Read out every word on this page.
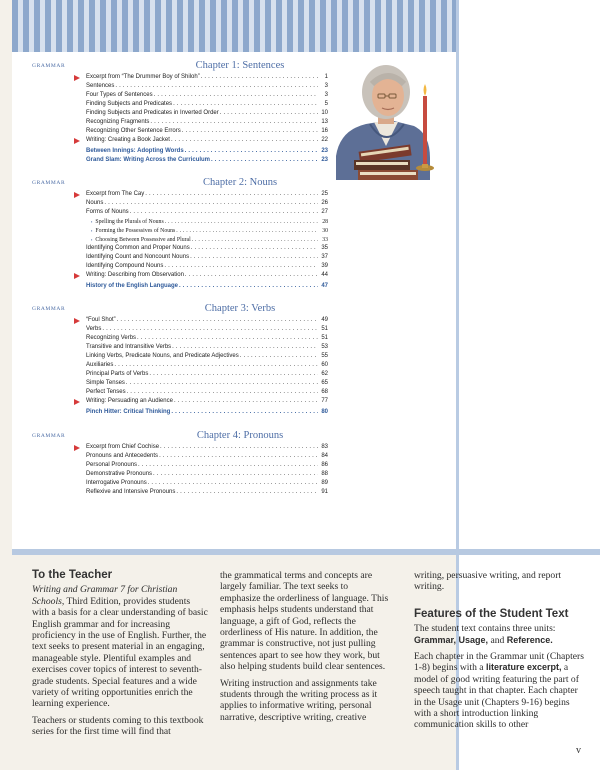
GRAMMAR	Chapter 1: Sentences
Excerpt from “The Drummer Boy of Shiloh” . . .	1
Sentences . . .	3
Four Types of Sentences . . .	3
Finding Subjects and Predicates . . .	5
Finding Subjects and Predicates in Inverted Order . . .	10
Recognizing Fragments . . .	13
Recognizing Other Sentence Errors . . .	16
Writing: Creating a Book Jacket . . .	22
Between Innings: Adopting Words . . .	23
Grand Slam: Writing Across the Curriculum . . .	23
GRAMMAR	Chapter 2: Nouns
Excerpt from The Cay . . .	25
Nouns . . .	26
Forms of Nouns . . .	27
▪ Spelling the Plurals of Nouns . . .	28
▪ Forming the Possessives of Nouns . . .	30
▪ Choosing Between Possessive and Plural . . .	33
Identifying Common and Proper Nouns . . .	35
Identifying Count and Noncount Nouns . . .	37
Identifying Compound Nouns . . .	39
Writing: Describing from Observation . . .	44
History of the English Language . . .	47
GRAMMAR	Chapter 3: Verbs
“Foul Shot” . . .	49
Verbs . . .	51
Recognizing Verbs . . .	51
Transitive and Intransitive Verbs . . .	53
Linking Verbs, Predicate Nouns, and Predicate Adjectives . . .	55
Auxiliaries . . .	60
Principal Parts of Verbs . . .	62
Simple Tenses . . .	65
Perfect Tenses . . .	68
Writing: Persuading an Audience . . .	77
Pinch Hitter: Critical Thinking . . .	80
GRAMMAR	Chapter 4: Pronouns
Excerpt from Chief Cochise . . .	83
Pronouns and Antecedents . . .	84
Personal Pronouns . . .	86
Demonstrative Pronouns . . .	88
Interrogative Pronouns . . .	89
Reflexive and Intensive Pronouns . . .	91
To the Teacher

Writing and Grammar 7 for Christian Schools, Third Edition, provides students with a basis for a clear understanding of basic English grammar and for increasing proficiency in the use of English. Further, the text seeks to present material in an engaging, manageable style. Plentiful examples and exercises cover topics of interest to seventh-grade students. Special features and a wide variety of writing opportunities enrich the learning experience.

Teachers or students coming to this textbook series for the first time will find that

the grammatical terms and concepts are largely familiar. The text seeks to emphasize the orderliness of language. This emphasis helps students understand that language, a gift of God, reflects the orderliness of His nature. In addition, the grammar is constructive, not just pulling sentences apart to see how they work, but also helping students build clear sentences.

Writing instruction and assignments take students through the writing process as it applies to informative writing, personal narrative, descriptive writing, creative

writing, persuasive writing, and report writing.

Features of the Student Text

The student text contains three units: Grammar, Usage, and Reference.

Each chapter in the Grammar unit (Chapters 1-8) begins with a literature excerpt, a model of good writing featuring the part of speech taught in that chapter. Each chapter in the Usage unit (Chapters 9-16) begins with a short introduction linking communication skills to other

v
